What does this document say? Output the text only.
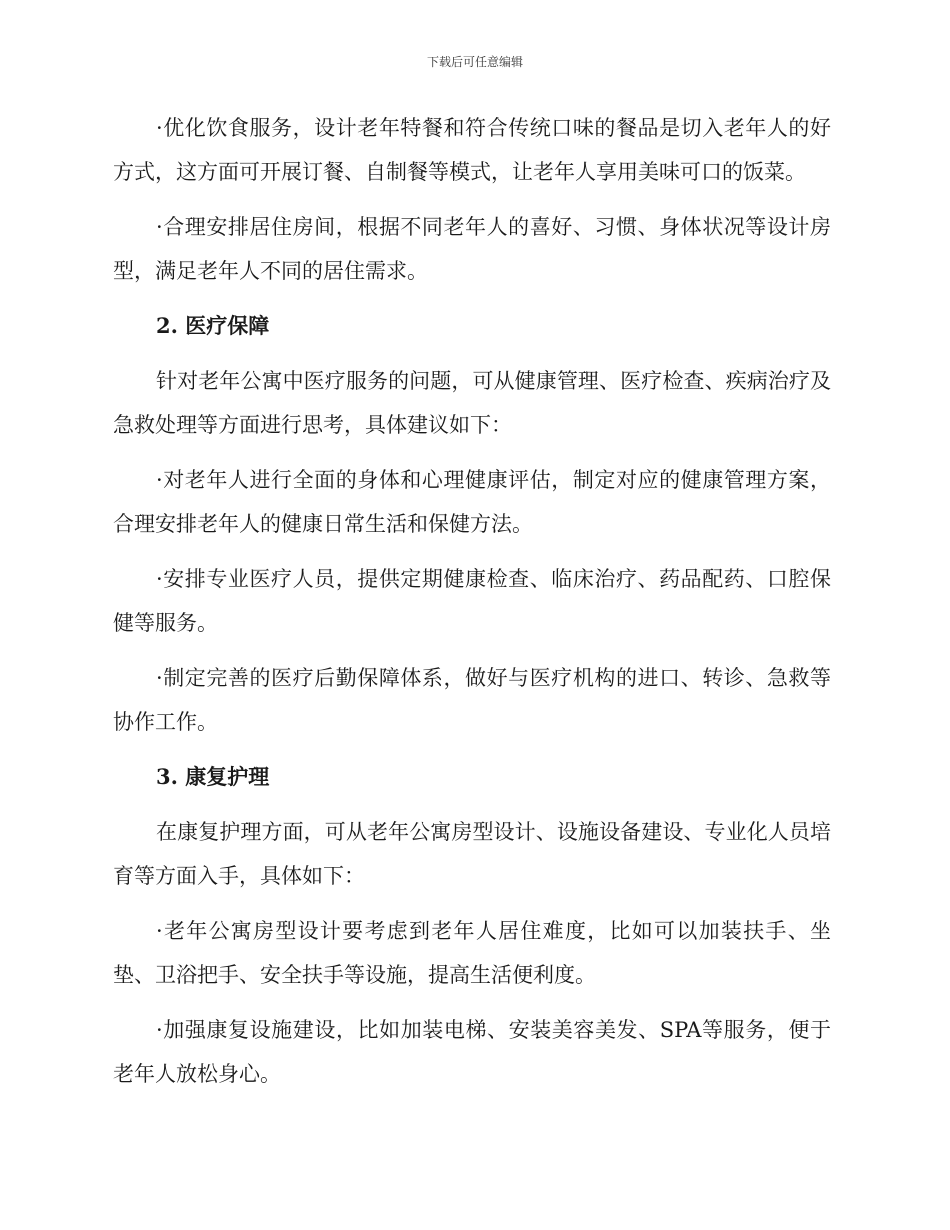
下载后可任意编辑

·优化饮食服务，设计老年特餐和符合传统口味的餐品是切入老年人的好方式，这方面可开展订餐、自制餐等模式，让老年人享用美味可口的饭菜。

·合理安排居住房间，根据不同老年人的喜好、习惯、身体状况等设计房型，满足老年人不同的居住需求。

2. 医疗保障

针对老年公寓中医疗服务的问题，可从健康管理、医疗检查、疾病治疗及急救处理等方面进行思考，具体建议如下：

·对老年人进行全面的身体和心理健康评估，制定对应的健康管理方案，合理安排老年人的健康日常生活和保健方法。

·安排专业医疗人员，提供定期健康检查、临床治疗、药品配药、口腔保健等服务。

·制定完善的医疗后勤保障体系，做好与医疗机构的进口、转诊、急救等协作工作。

3. 康复护理

在康复护理方面，可从老年公寓房型设计、设施设备建设、专业化人员培育等方面入手，具体如下：

·老年公寓房型设计要考虑到老年人居住难度，比如可以加装扶手、坐垫、卫浴把手、安全扶手等设施，提高生活便利度。

·加强康复设施建设，比如加装电梯、安装美容美发、SPA等服务，便于老年人放松身心。
